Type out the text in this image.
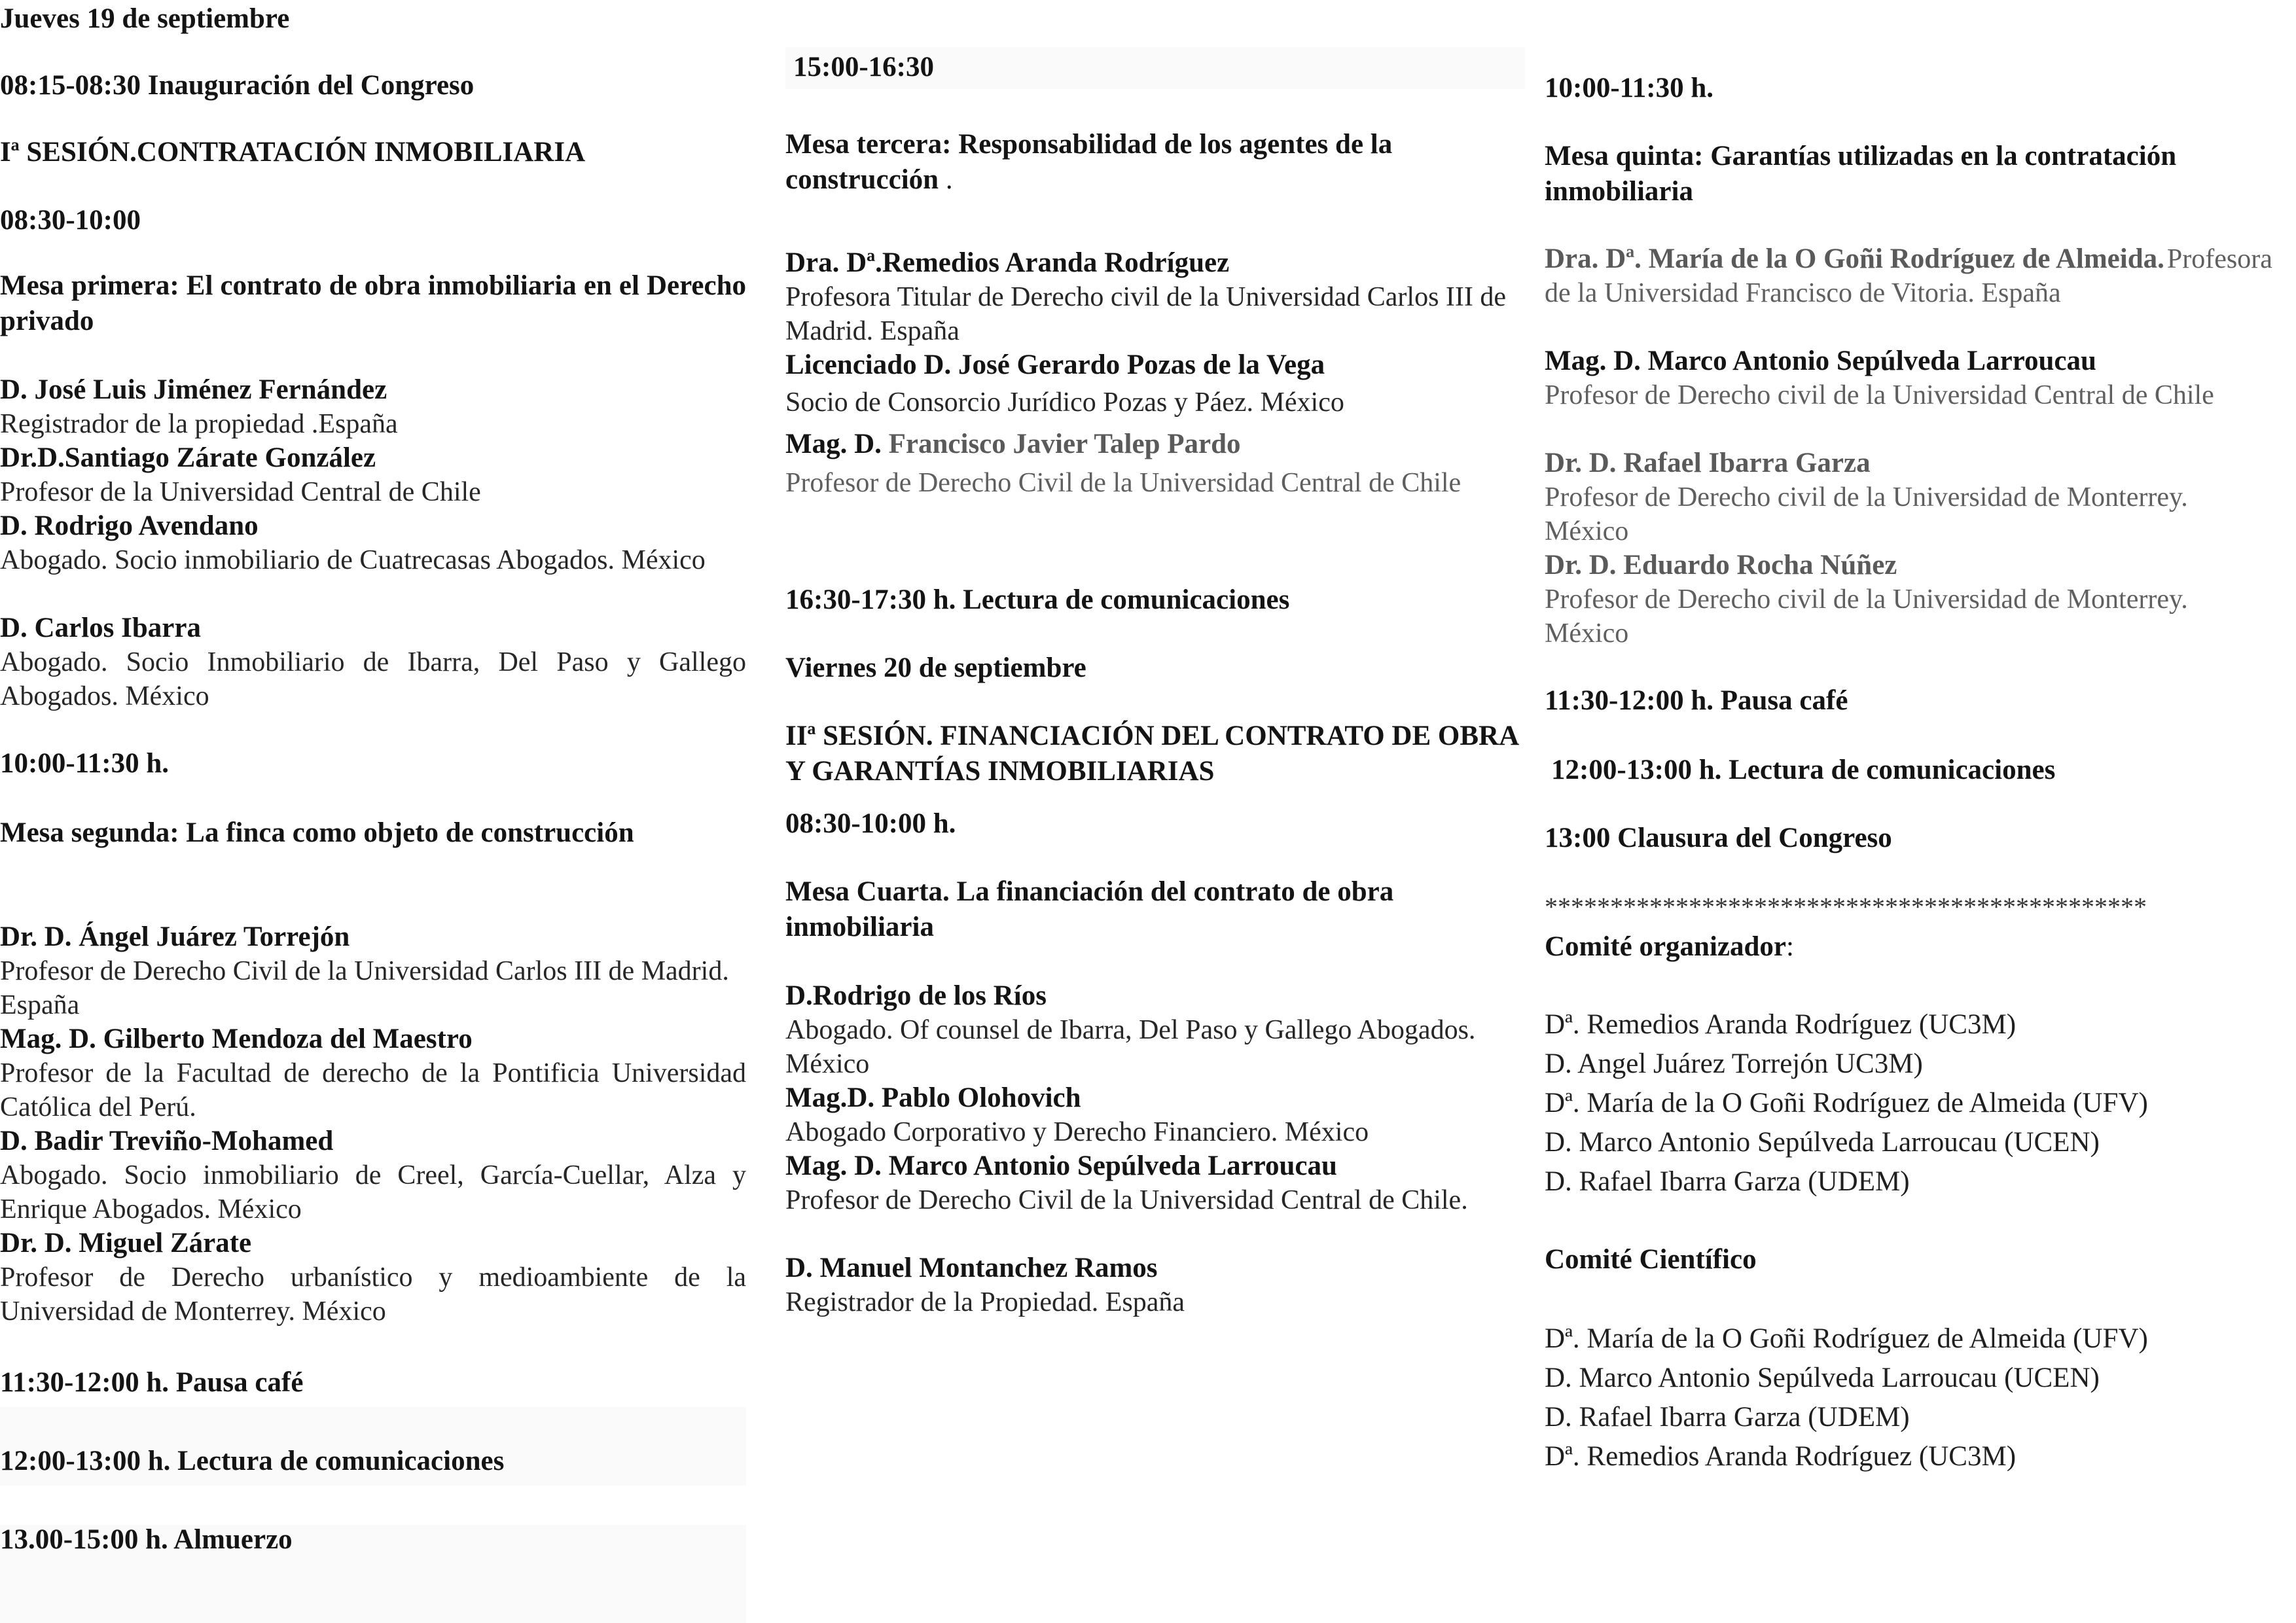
Jueves 19 de septiembre

08:15-08:30 Inauguración del Congreso

Iª SESIÓN.CONTRATACIÓN INMOBILIARIA

08:30-10:00

Mesa primera: El contrato de obra inmobiliaria en el Derecho privado

D. José Luis Jiménez Fernández

Registrador de la propiedad .España

Dr.D.Santiago Zárate González

Profesor de la Universidad Central de Chile

D. Rodrigo Avendano

Abogado. Socio inmobiliario de Cuatrecasas Abogados. México

D. Carlos Ibarra

Abogado. Socio Inmobiliario de Ibarra, Del Paso y Gallego Abogados. México

10:00-11:30 h.

Mesa segunda: La finca como objeto de construcción

Dr. D. Ángel Juárez Torrejón

Profesor de Derecho Civil de la Universidad Carlos III de Madrid. España

Mag. D. Gilberto Mendoza del Maestro

Profesor de la Facultad de derecho de la Pontificia Universidad Católica del Perú.

D. Badir Treviño-Mohamed

Abogado. Socio inmobiliario de Creel, García-Cuellar, Alza y Enrique Abogados. México

Dr. D. Miguel Zárate

Profesor de Derecho urbanístico y medioambiente de la Universidad de Monterrey. México

11:30-12:00 h. Pausa café

12:00-13:00 h. Lectura de comunicaciones

13.00-15:00 h. Almuerzo

15:00-16:30

Mesa tercera: Responsabilidad de los agentes de la construcción .

Dra. Dª.Remedios Aranda Rodríguez

Profesora Titular de Derecho civil de la Universidad Carlos III de Madrid. España

Licenciado D. José Gerardo Pozas de la Vega

Socio de Consorcio Jurídico Pozas y Páez. México

Mag. D. Francisco Javier Talep Pardo

Profesor de Derecho Civil de la Universidad Central de Chile

16:30-17:30 h. Lectura de comunicaciones

Viernes 20 de septiembre

IIª SESIÓN. FINANCIACIÓN DEL CONTRATO DE OBRA Y GARANTÍAS INMOBILIARIAS

08:30-10:00 h.

Mesa Cuarta. La financiación del contrato de obra inmobiliaria

D.Rodrigo de los Ríos

Abogado. Of counsel de Ibarra, Del Paso y Gallego Abogados. México

Mag.D. Pablo Olohovich

Abogado Corporativo y Derecho Financiero. México

Mag. D. Marco Antonio Sepúlveda Larroucau

Profesor de Derecho Civil de la Universidad Central de Chile.

D. Manuel Montanchez Ramos

Registrador de la Propiedad. España

10:00-11:30 h.

Mesa quinta: Garantías utilizadas en la contratación inmobiliaria

Dra. Dª. María de la O Goñi Rodríguez de Almeida.

Profesora de la Universidad Francisco de Vitoria. España

Mag. D. Marco Antonio Sepúlveda Larroucau

Profesor de Derecho civil de la Universidad Central de Chile

Dr. D. Rafael Ibarra Garza

Profesor de Derecho civil de la Universidad de Monterrey. México

Dr. D. Eduardo Rocha Núñez

Profesor de Derecho civil de la Universidad de Monterrey. México

11:30-12:00 h. Pausa café

12:00-13:00 h. Lectura de comunicaciones

13:00 Clausura del Congreso

**********************************************

Comité organizador:

Dª. Remedios Aranda Rodríguez (UC3M)

D. Angel Juárez Torrejón UC3M)

Dª. María de la O Goñi Rodríguez de Almeida (UFV)

D. Marco Antonio Sepúlveda Larroucau (UCEN)

D. Rafael Ibarra Garza (UDEM)

Comité Científico

Dª. María de la O Goñi Rodríguez de Almeida (UFV)

D. Marco Antonio Sepúlveda Larroucau (UCEN)

D. Rafael Ibarra Garza (UDEM)

Dª. Remedios Aranda Rodríguez (UC3M)
